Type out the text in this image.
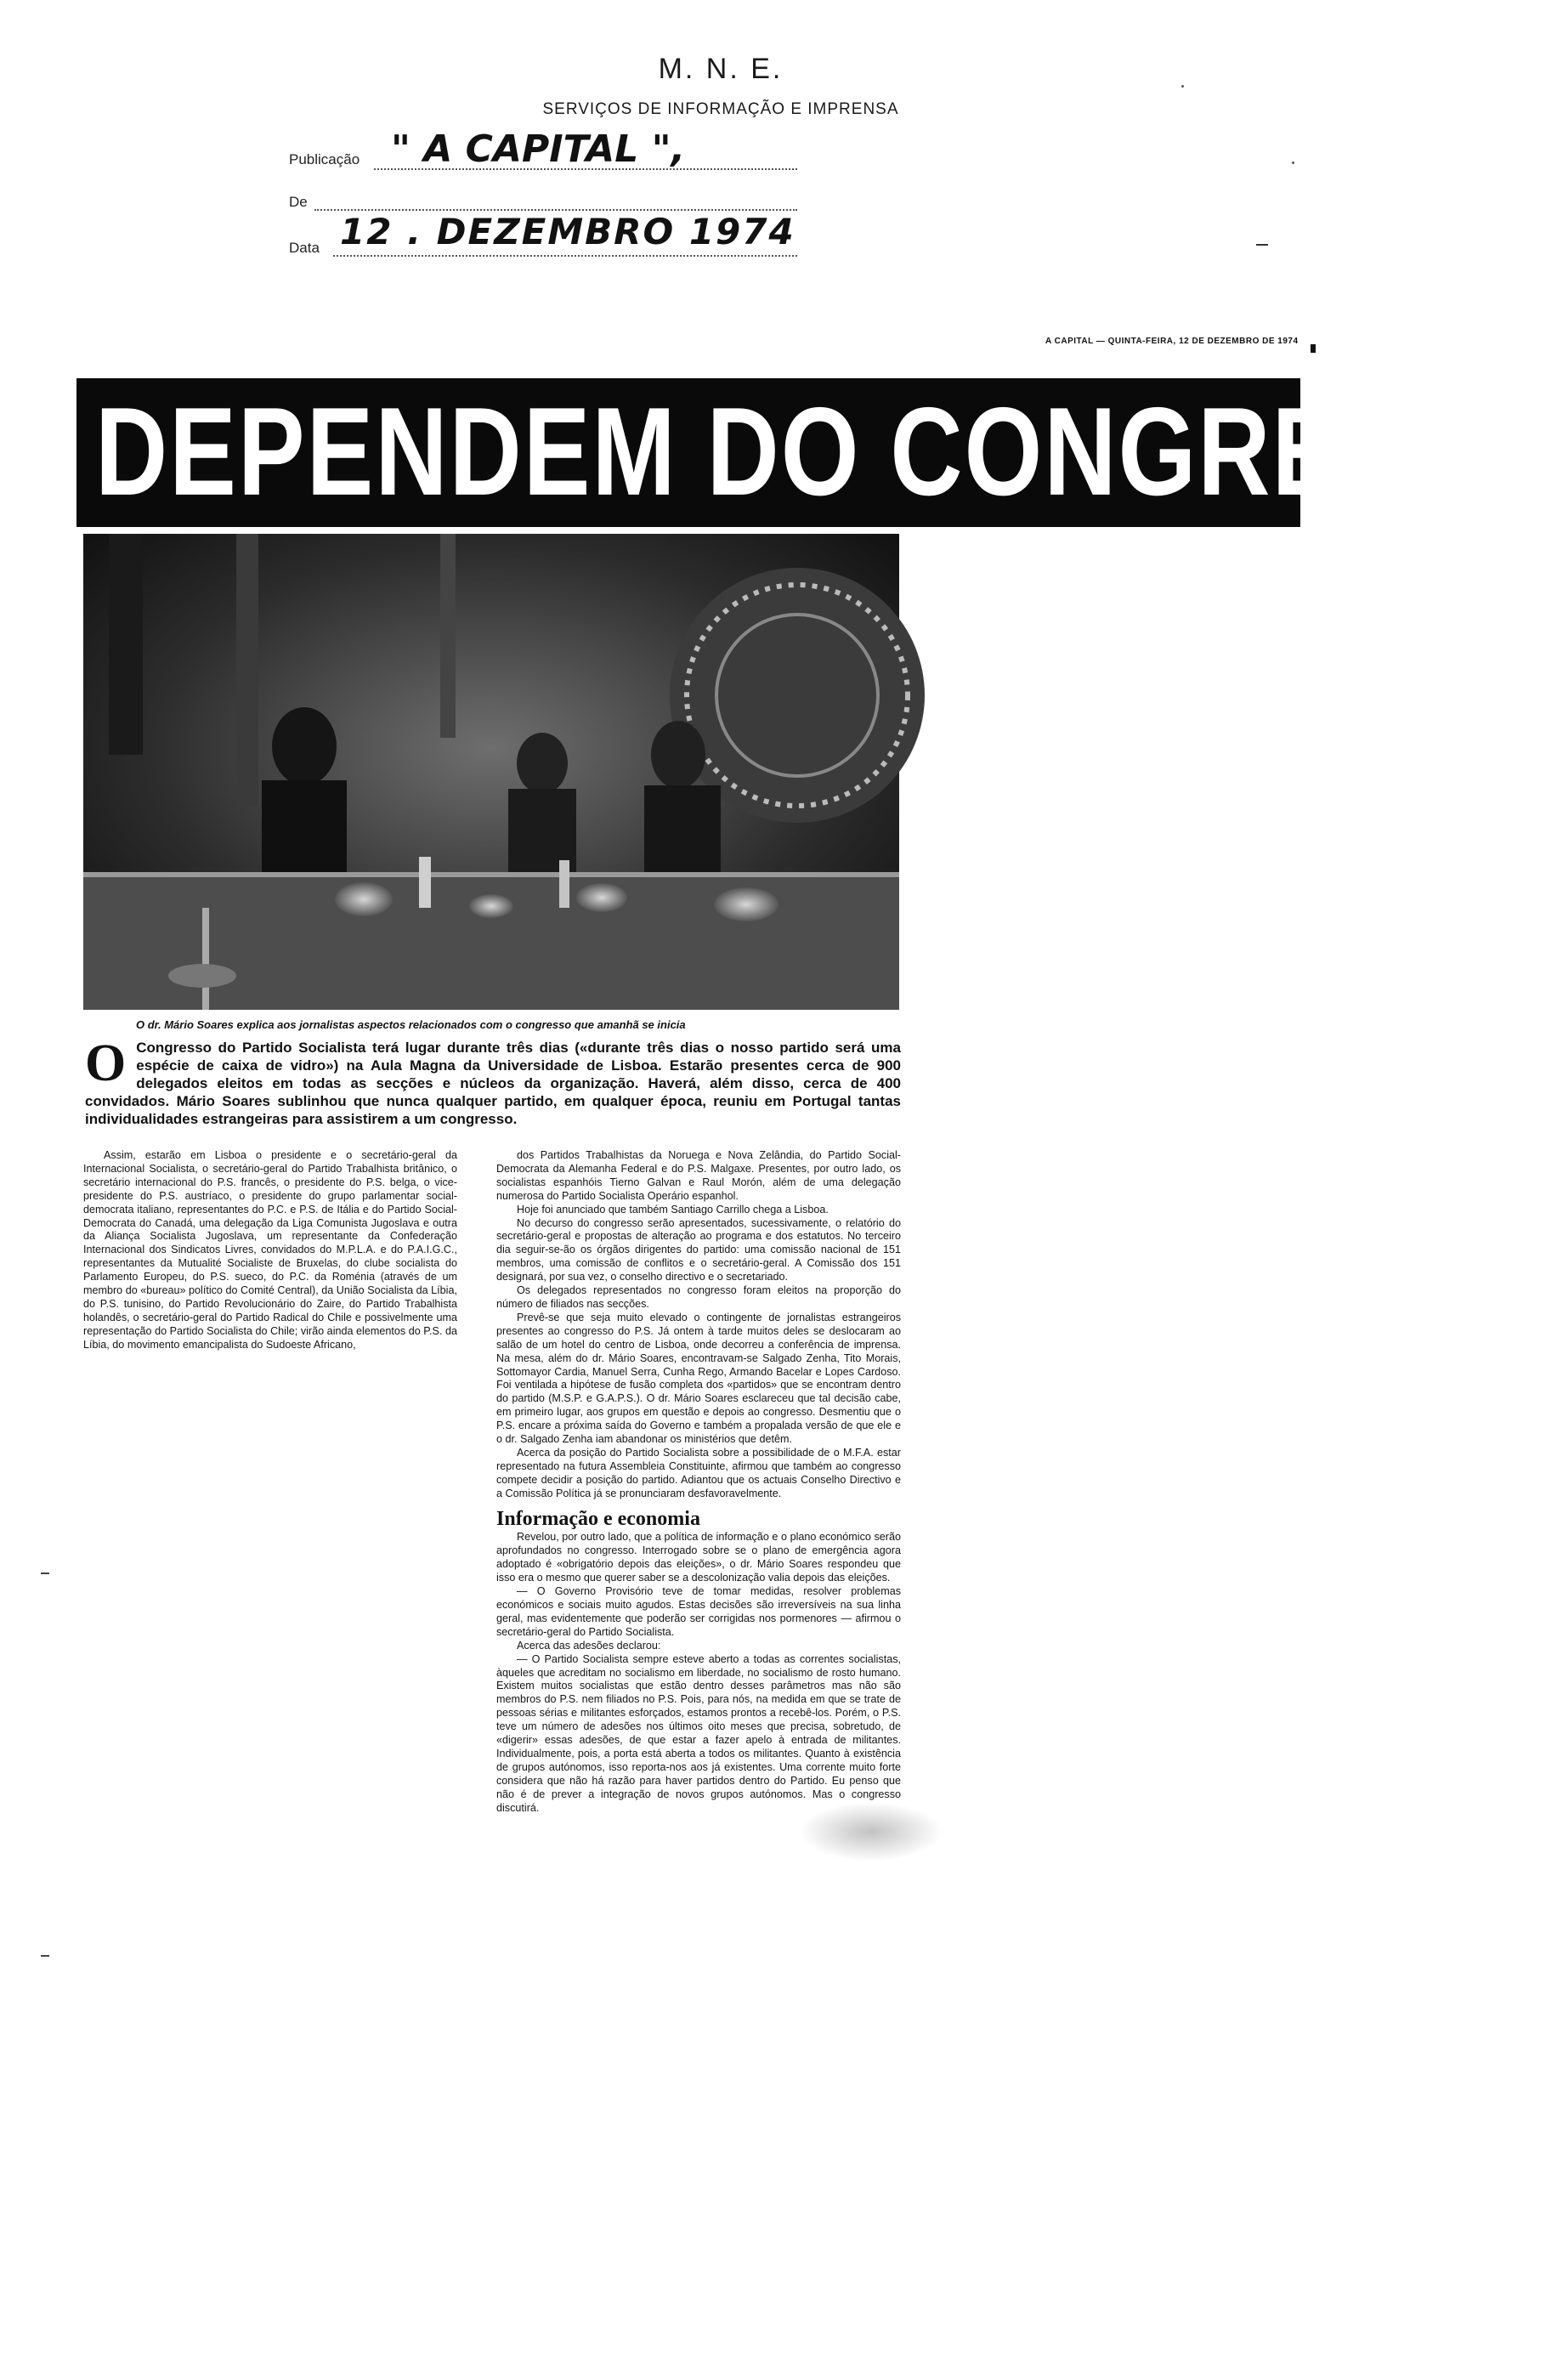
M. N. E.
SERVIÇOS DE INFORMAÇÃO E IMPRENSA
Publicação " A CAPITAL ",
De
Data 12 . DEZEMBRO 1974
A CAPITAL — QUINTA-FEIRA, 12 DE DEZEMBRO DE 1974
DEPENDEM DO CONGRESSO
O dr. Mário Soares explica aos jornalistas aspectos relacionados com o congresso que amanhã se inicia
O Congresso do Partido Socialista terá lugar durante três dias («durante três dias o nosso partido será uma espécie de caixa de vidro») na Aula Magna da Universidade de Lisboa. Estarão presentes cerca de 900 delegados eleitos em todas as secções e núcleos da organização. Haverá, além disso, cerca de 400 convidados. Mário Soares sublinhou que nunca qualquer partido, em qualquer época, reuniu em Portugal tantas individualidades estrangeiras para assistirem a um congresso.

Assim, estarão em Lisboa o presidente e o secretário-geral da Internacional Socialista, o secretário-geral do Partido Trabalhista britânico, o secretário internacional do P.S. francês, o presidente do P.S. belga, o vice-presidente do P.S. austríaco, o presidente do grupo parlamentar social-democrata italiano, representantes do P.C. e P.S. de Itália e do Partido Social-Democrata do Canadá, uma delegação da Liga Comunista Jugoslava e outra da Aliança Socialista Jugoslava, um representante da Confederação Internacional dos Sindicatos Livres, convidados do M.P.L.A. e do P.A.I.G.C., representantes da Mutualité Socialiste de Bruxelas, do clube socialista do Parlamento Europeu, do P.S. sueco, do P.C. da Roménia (através de um membro do «bureau» político do Comité Central), da União Socialista da Líbia, do P.S. tunisino, do Partido Revolucionário do Zaire, do Partido Trabalhista holandês, o secretário-geral do Partido Radical do Chile e possivelmente uma representação do Partido Socialista do Chile; virão ainda elementos do P.S. da Líbia, do movimento emancipalista do Sudoeste Africano,

dos Partidos Trabalhistas da Noruega e Nova Zelândia, do Partido Social-Democrata da Alemanha Federal e do P.S. Malgaxe. Presentes, por outro lado, os socialistas espanhóis Tierno Galvan e Raul Morón, além de uma delegação numerosa do Partido Socialista Operário espanhol.

Hoje foi anunciado que também Santiago Carrillo chega a Lisboa.

No decurso do congresso serão apresentados, sucessivamente, o relatório do secretário-geral e propostas de alteração ao programa e dos estatutos. No terceiro dia seguir-se-ão os órgãos dirigentes do partido: uma comissão nacional de 151 membros, uma comissão de conflitos e o secretário-geral. A Comissão dos 151 designará, por sua vez, o conselho directivo e o secretariado.

Os delegados representados no congresso foram eleitos na proporção do número de filiados nas secções.

Prevê-se que seja muito elevado o contingente de jornalistas estrangeiros presentes ao congresso do P.S. Já ontem à tarde muitos deles se deslocaram ao salão de um hotel do centro de Lisboa, onde decorreu a conferência de imprensa. Na mesa, além do dr. Mário Soares, encontravam-se Salgado Zenha, Tito Morais, Sottomayor Cardia, Manuel Serra, Cunha Rego, Armando Bacelar e Lopes Cardoso. Foi ventilada a hipótese de fusão completa dos «partidos» que se encontram dentro do partido (M.S.P. e G.A.P.S.). O dr. Mário Soares esclareceu que tal decisão cabe, em primeiro lugar, aos grupos em questão e depois ao congresso. Desmentiu que o P.S. encare a próxima saída do Governo e também a propalada versão de que ele e o dr. Salgado Zenha iam abandonar os ministérios que detêm.

Acerca da posição do Partido Socialista sobre a possibilidade de o M.F.A. estar representado na futura Assembleia Constituinte, afirmou que também ao congresso compete decidir a posição do partido. Adiantou que os actuais Conselho Directivo e a Comissão Política já se pronunciaram desfavoravelmente.

Informação e economia

Revelou, por outro lado, que a política de informação e o plano económico serão aprofundados no congresso. Interrogado sobre se o plano de emergência agora adoptado é «obrigatório depois das eleições», o dr. Mário Soares respondeu que isso era o mesmo que querer saber se a descolonização valia depois das eleições.

— O Governo Provisório teve de tomar medidas, resolver problemas económicos e sociais muito agudos. Estas decisões são irreversíveis na sua linha geral, mas evidentemente que poderão ser corrigidas nos pormenores — afirmou o secretário-geral do Partido Socialista.

Acerca das adesões declarou:

— O Partido Socialista sempre esteve aberto a todas as correntes socialistas, àqueles que acreditam no socialismo em liberdade, no socialismo de rosto humano. Existem muitos socialistas que estão dentro desses parâmetros mas não são membros do P.S. nem filiados no P.S. Pois, para nós, na medida em que se trate de pessoas sérias e militantes esforçados, estamos prontos a recebê-los. Porém, o P.S. teve um número de adesões nos últimos oito meses que precisa, sobretudo, de «digerir» essas adesões, de que estar a fazer apelo à entrada de militantes. Individualmente, pois, a porta está aberta a todos os militantes. Quanto à existência de grupos autónomos, isso reporta-nos aos já existentes. Uma corrente muito forte considera que não há razão para haver partidos dentro do Partido. Eu penso que não é de prever a integração de novos grupos autónomos. Mas o congresso discutirá.
